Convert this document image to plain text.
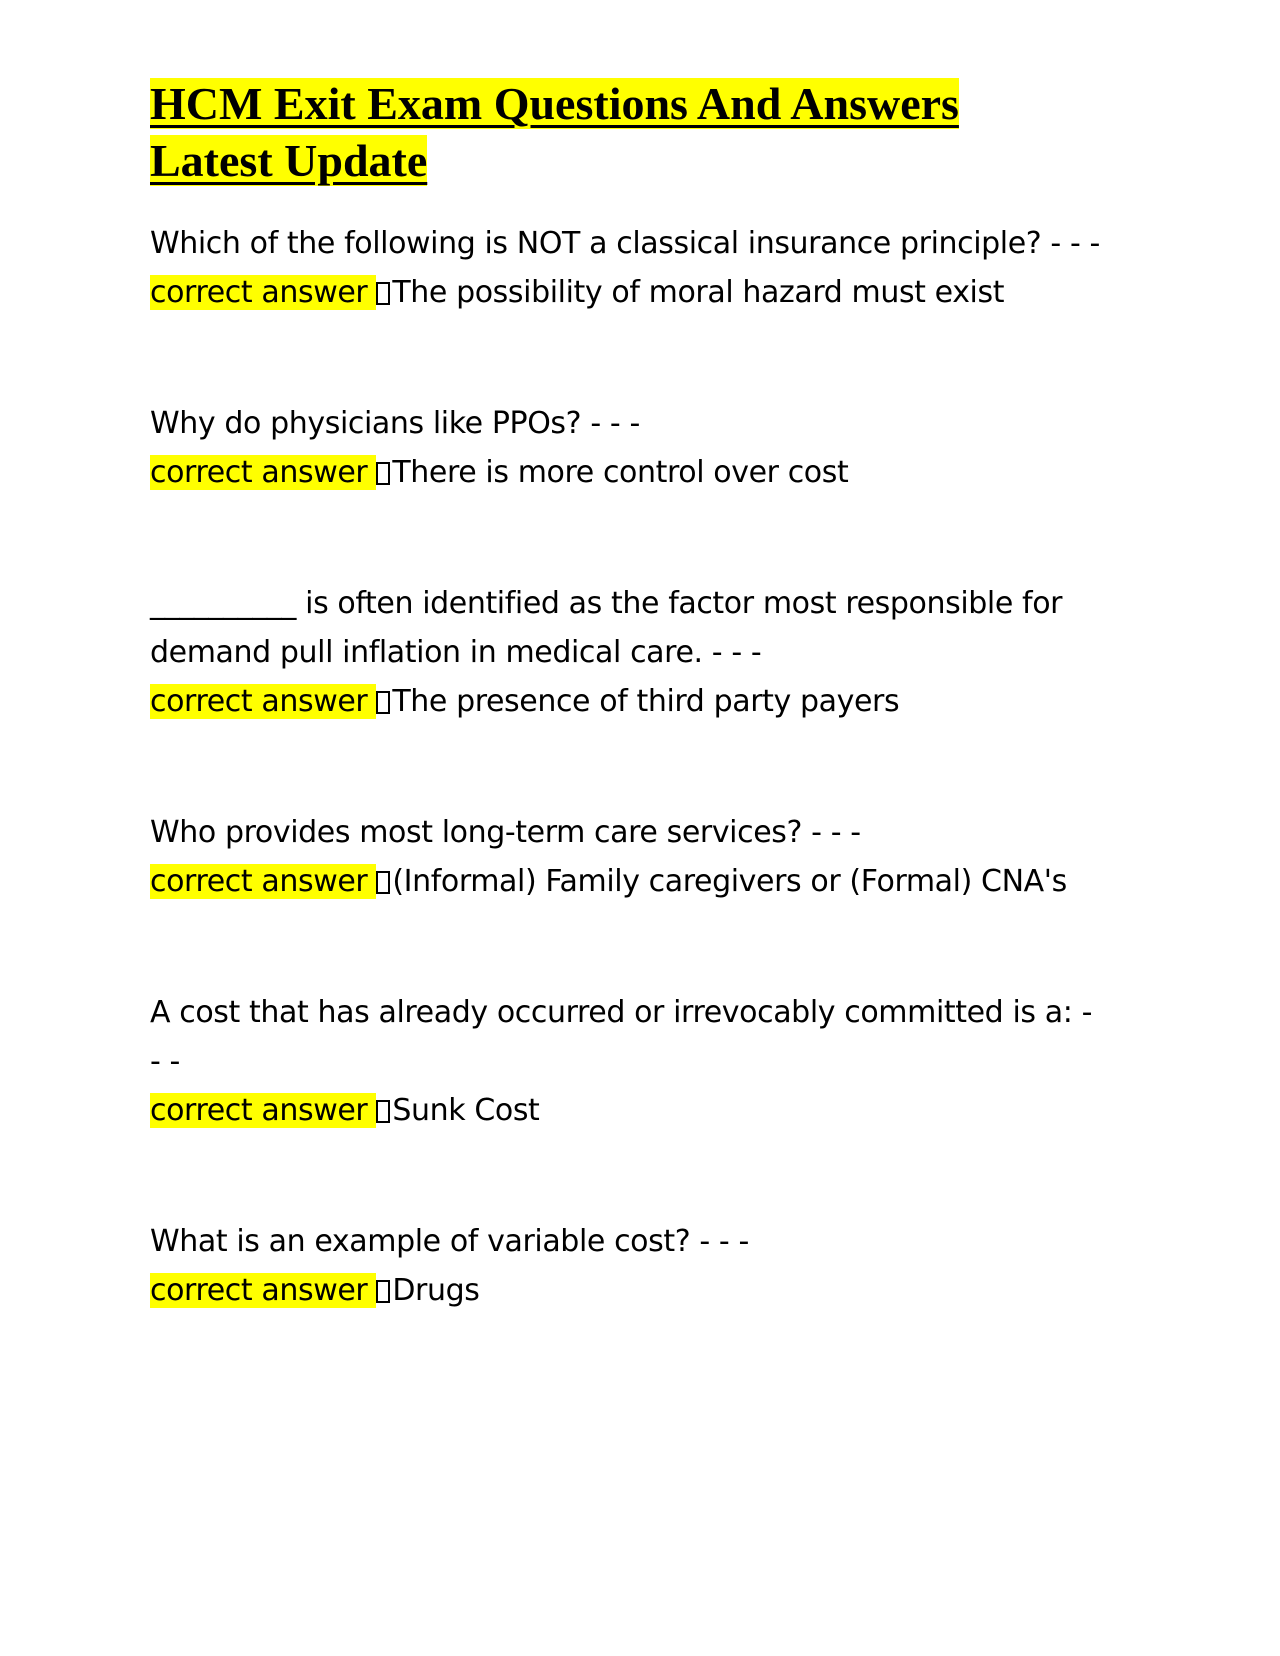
HCM Exit Exam Questions And Answers
Latest Update
Which of the following is NOT a classical insurance principle? - - -
correct answer The possibility of moral hazard must exist
Why do physicians like PPOs? - - -
correct answer There is more control over cost
__________ is often identified as the factor most responsible for demand pull inflation in medical care. - - -
correct answer The presence of third party payers
Who provides most long-term care services? - - -
correct answer (Informal) Family caregivers or (Formal) CNA's
A cost that has already occurred or irrevocably committed is a: - - -
correct answer Sunk Cost
What is an example of variable cost? - - -
correct answer Drugs
